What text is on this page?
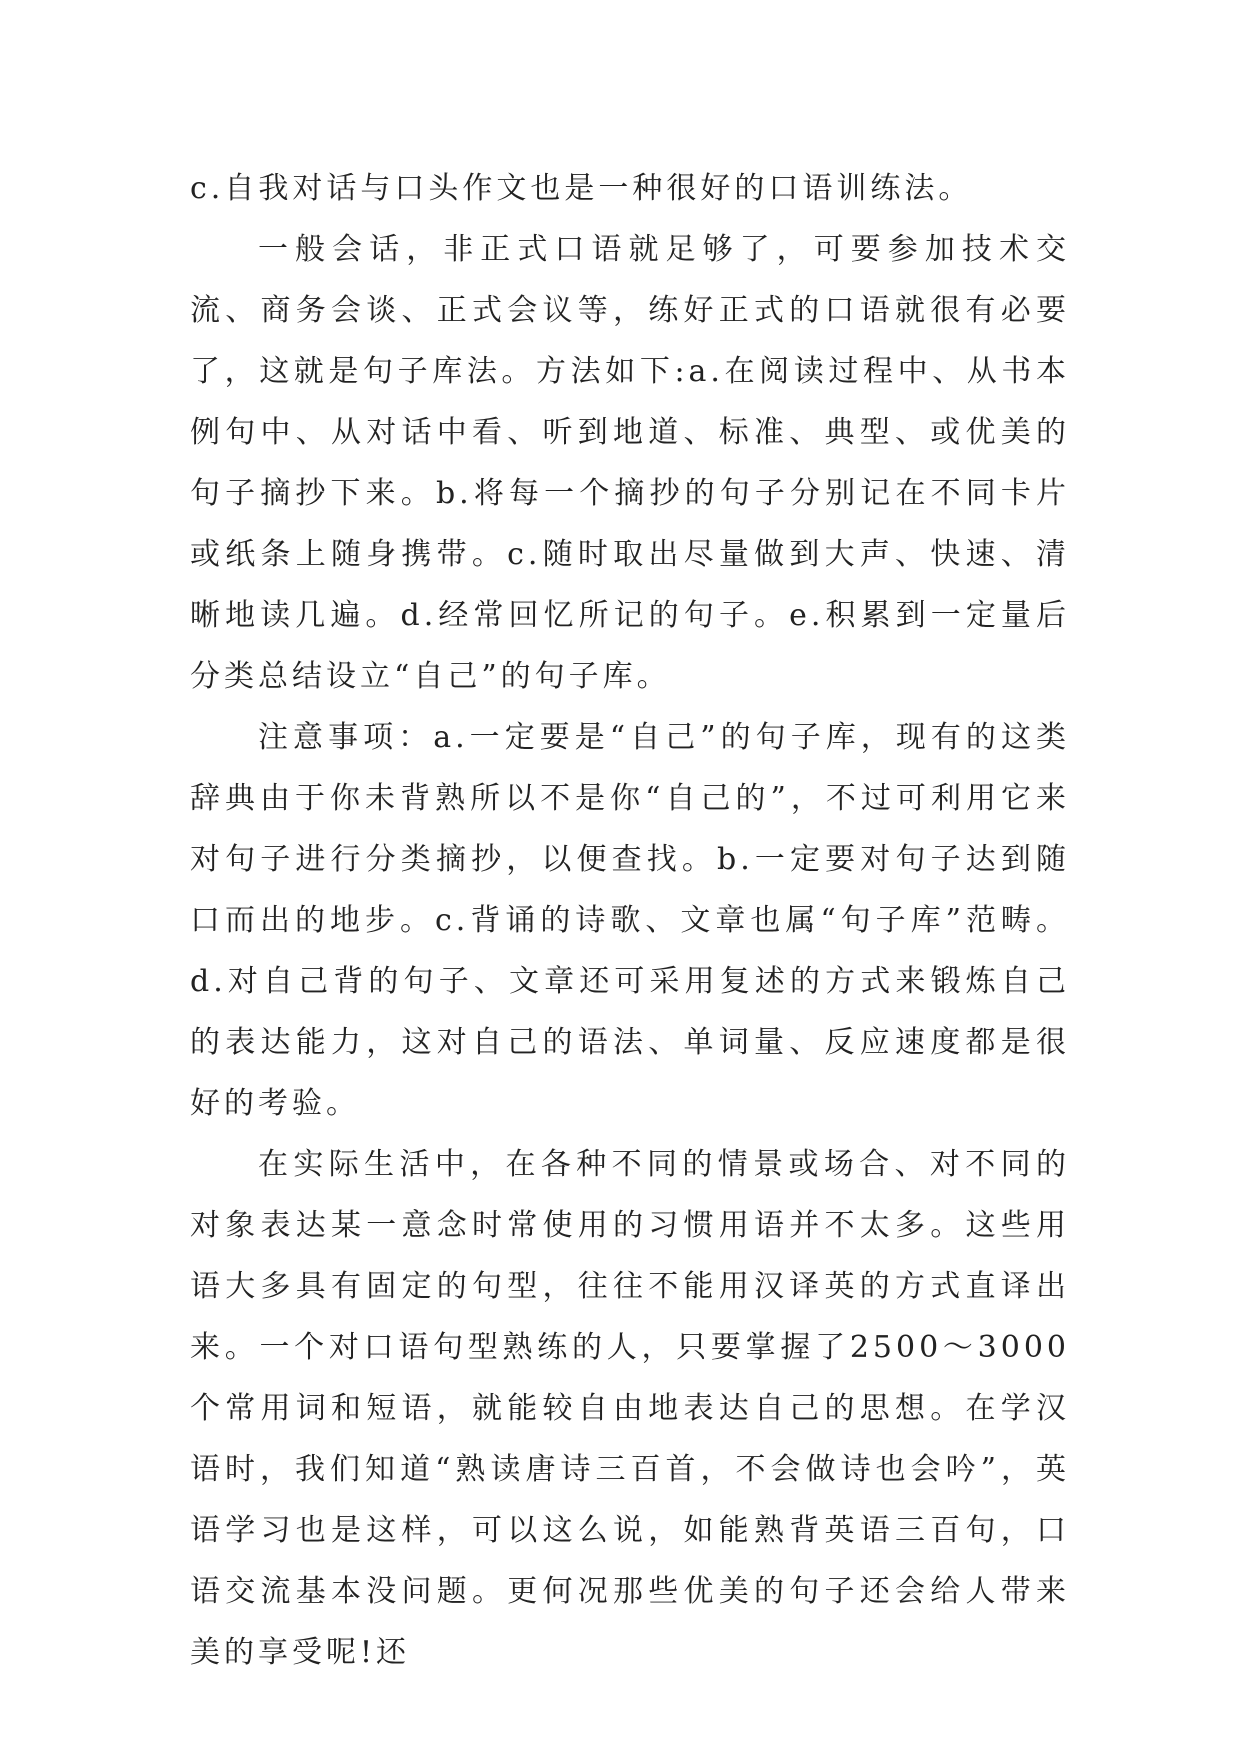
c.自我对话与口头作文也是一种很好的口语训练法。

一般会话，非正式口语就足够了，可要参加技术交流、商务会谈、正式会议等，练好正式的口语就很有必要了，这就是句子库法。方法如下:a.在阅读过程中、从书本例句中、从对话中看、听到地道、标准、典型、或优美的句子摘抄下来。b.将每一个摘抄的句子分别记在不同卡片或纸条上随身携带。c.随时取出尽量做到大声、快速、清晰地读几遍。d.经常回忆所记的句子。e.积累到一定量后分类总结设立“自己”的句子库。

注意事项：a.一定要是“自己”的句子库，现有的这类辞典由于你未背熟所以不是你“自己的”，不过可利用它来对句子进行分类摘抄，以便查找。b.一定要对句子达到随口而出的地步。c.背诵的诗歌、文章也属“句子库”范畴。d.对自己背的句子、文章还可采用复述的方式来锻炼自己的表达能力，这对自己的语法、单词量、反应速度都是很好的考验。

在实际生活中，在各种不同的情景或场合、对不同的对象表达某一意念时常使用的习惯用语并不太多。这些用语大多具有固定的句型，往往不能用汉译英的方式直译出来。一个对口语句型熟练的人，只要掌握了2500～3000个常用词和短语，就能较自由地表达自己的思想。在学汉语时，我们知道“熟读唐诗三百首，不会做诗也会吟”，英语学习也是这样，可以这么说，如能熟背英语三百句，口语交流基本没问题。更何况那些优美的句子还会给人带来美的享受呢!还
